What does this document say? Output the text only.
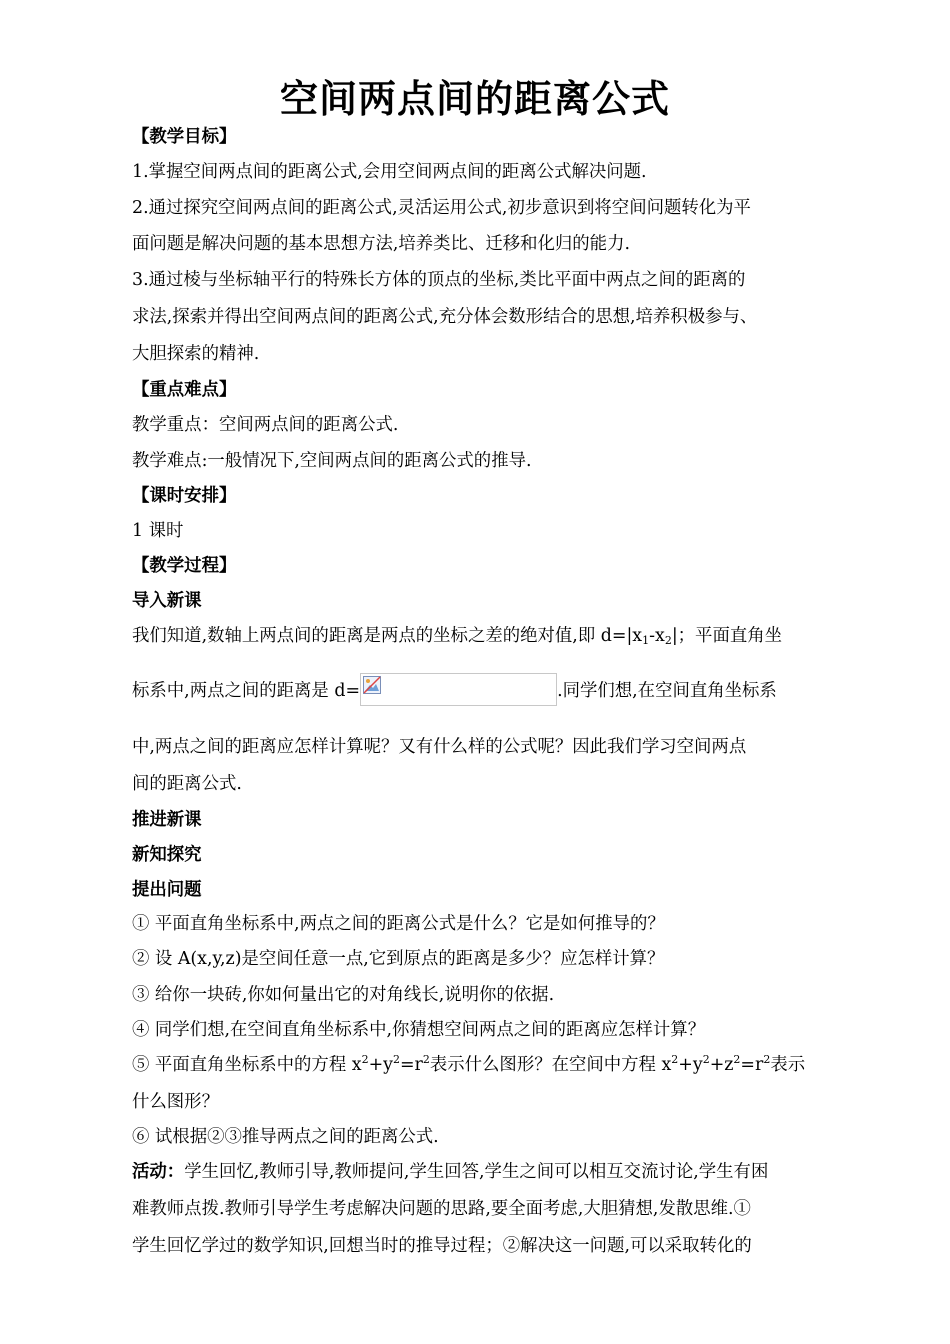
空间两点间的距离公式
【教学目标】
1.掌握空间两点间的距离公式,会用空间两点间的距离公式解决问题.
2.通过探究空间两点间的距离公式,灵活运用公式,初步意识到将空间问题转化为平
面问题是解决问题的基本思想方法,培养类比、迁移和化归的能力.
3.通过棱与坐标轴平行的特殊长方体的顶点的坐标,类比平面中两点之间的距离的
求法,探索并得出空间两点间的距离公式,充分体会数形结合的思想,培养积极参与、
大胆探索的精神.
【重点难点】
教学重点：空间两点间的距离公式.
教学难点:一般情况下,空间两点间的距离公式的推导.
【课时安排】
1 课时
【教学过程】
导入新课
我们知道,数轴上两点间的距离是两点的坐标之差的绝对值,即 $d=|x_1-x_2|$；平面直角坐
标系中,两点之间的距离是 d=	.同学们想,在空间直角坐标系
中,两点之间的距离应怎样计算呢？又有什么样的公式呢？因此我们学习空间两点
间的距离公式.
推进新课
新知探究
提出问题
① 平面直角坐标系中,两点之间的距离公式是什么？它是如何推导的？
② 设 A(x,y,z)是空间任意一点,它到原点的距离是多少？应怎样计算？
③ 给你一块砖,你如何量出它的对角线长,说明你的依据.
④ 同学们想,在空间直角坐标系中,你猜想空间两点之间的距离应怎样计算？
⑤ 平面直角坐标系中的方程 $x^2+y^2=r^2$表示什么图形？在空间中方程 $x^2+y^2+z^2=r^2$表示
什么图形？
⑥ 试根据②③推导两点之间的距离公式.
活动：学生回忆,教师引导,教师提问,学生回答,学生之间可以相互交流讨论,学生有困
难教师点拨.教师引导学生考虑解决问题的思路,要全面考虑,大胆猜想,发散思维.①
学生回忆学过的数学知识,回想当时的推导过程；②解决这一问题,可以采取转化的
